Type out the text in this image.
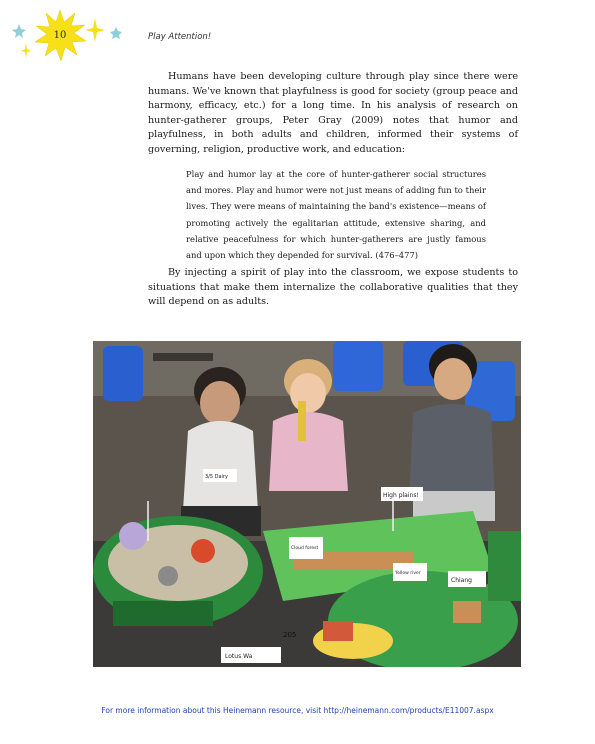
10	Play Attention!

Humans have been developing culture through play since there were humans. We've known that playfulness is good for society (group peace and harmony, efficacy, etc.) for a long time. In his analysis of research on hunter-gatherer groups, Peter Gray (2009) notes that humor and playfulness, in both adults and children, informed their systems of governing, religion, productive work, and education:

Play and humor lay at the core of hunter-gatherer social structures and mores. Play and humor were not just means of adding fun to their lives. They were means of maintaining the band's existence—means of promoting actively the egalitarian attitude, extensive sharing, and relative peacefulness for which hunter-gatherers are justly famous and upon which they depended for survival. (476–477)

By injecting a spirit of play into the classroom, we expose students to situations that make them internalize the collaborative qualities that they will depend on as adults.

3/5 Dairy
High plains!
Cloud forest
Yellow river
Chiang
205
Lotus Wa
For more information about this Heinemann resource, visit http://heinemann.com/products/E11007.aspx
